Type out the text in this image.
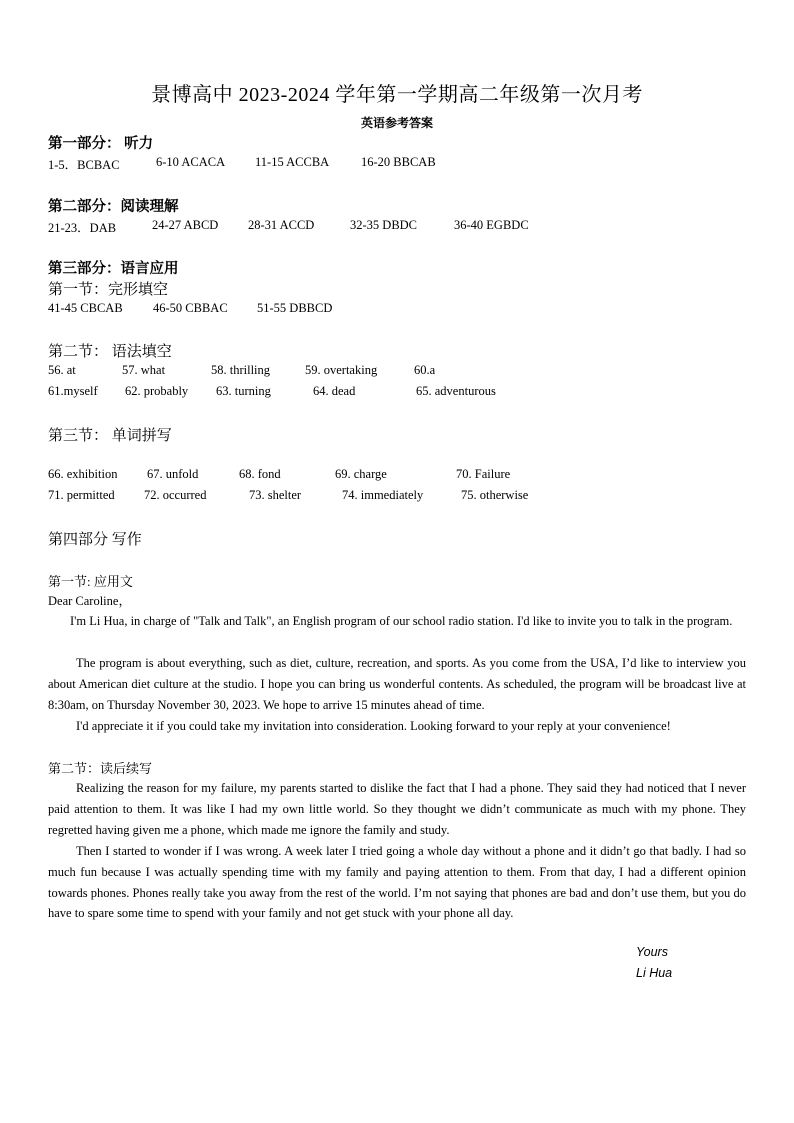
景博高中 2023-2024 学年第一学期高二年级第一次月考
英语参考答案
第一部分： 听力
1-5．BCBAC	6-10 ACACA 11-15 ACCBA	16-20 BBCAB
第二部分：阅读理解
21-23．DAB	24-27 ABCD 28-31 ACCD	32-35 DBDC	36-40 EGBDC
第三部分：语言应用
第一节：完形填空
41-45 CBCAB 46-50 CBBAC 51-55 DBBCD
第二节： 语法填空
56. at	57. what	58. thrilling	59. overtaking	60.a
61.myself 62. probably 63. turning	64. dead	65. adventurous
第三节： 单词拼写
66. exhibition 67. unfold	68. fond	69. charge	70. Failure
71. permitted 72. occurred	73. shelter	74. immediately	75. otherwise
第四部分 写作
第一节: 应用文
Dear Caroline，
I'm Li Hua, in charge of "Talk and Talk", an English program of our school radio station. I'd like to invite you to talk in the program.
The program is about everything, such as diet, culture, recreation, and sports. As you come from the USA, I’d like to interview you about American diet culture at the studio. I hope you can bring us wonderful contents. As scheduled, the program will be broadcast live at 8:30am, on Thursday November 30, 2023. We hope to arrive 15 minutes ahead of time.
I'd appreciate it if you could take my invitation into consideration. Looking forward to your reply at your convenience!
第二节：读后续写
Realizing the reason for my failure, my parents started to dislike the fact that I had a phone. They said they had noticed that I never paid attention to them. It was like I had my own little world. So they thought we didn’t communicate as much with my phone. They regretted having given me a phone, which made me ignore the family and study.
Then I started to wonder if I was wrong. A week later I tried going a whole day without a phone and it didn’t go that badly. I had so much fun because I was actually spending time with my family and paying attention to them. From that day, I had a different opinion towards phones. Phones really take you away from the rest of the world. I’m not saying that phones are bad and don’t use them, but you do have to spare some time to spend with your family and not get stuck with your phone all day.
Yours
Li Hua
